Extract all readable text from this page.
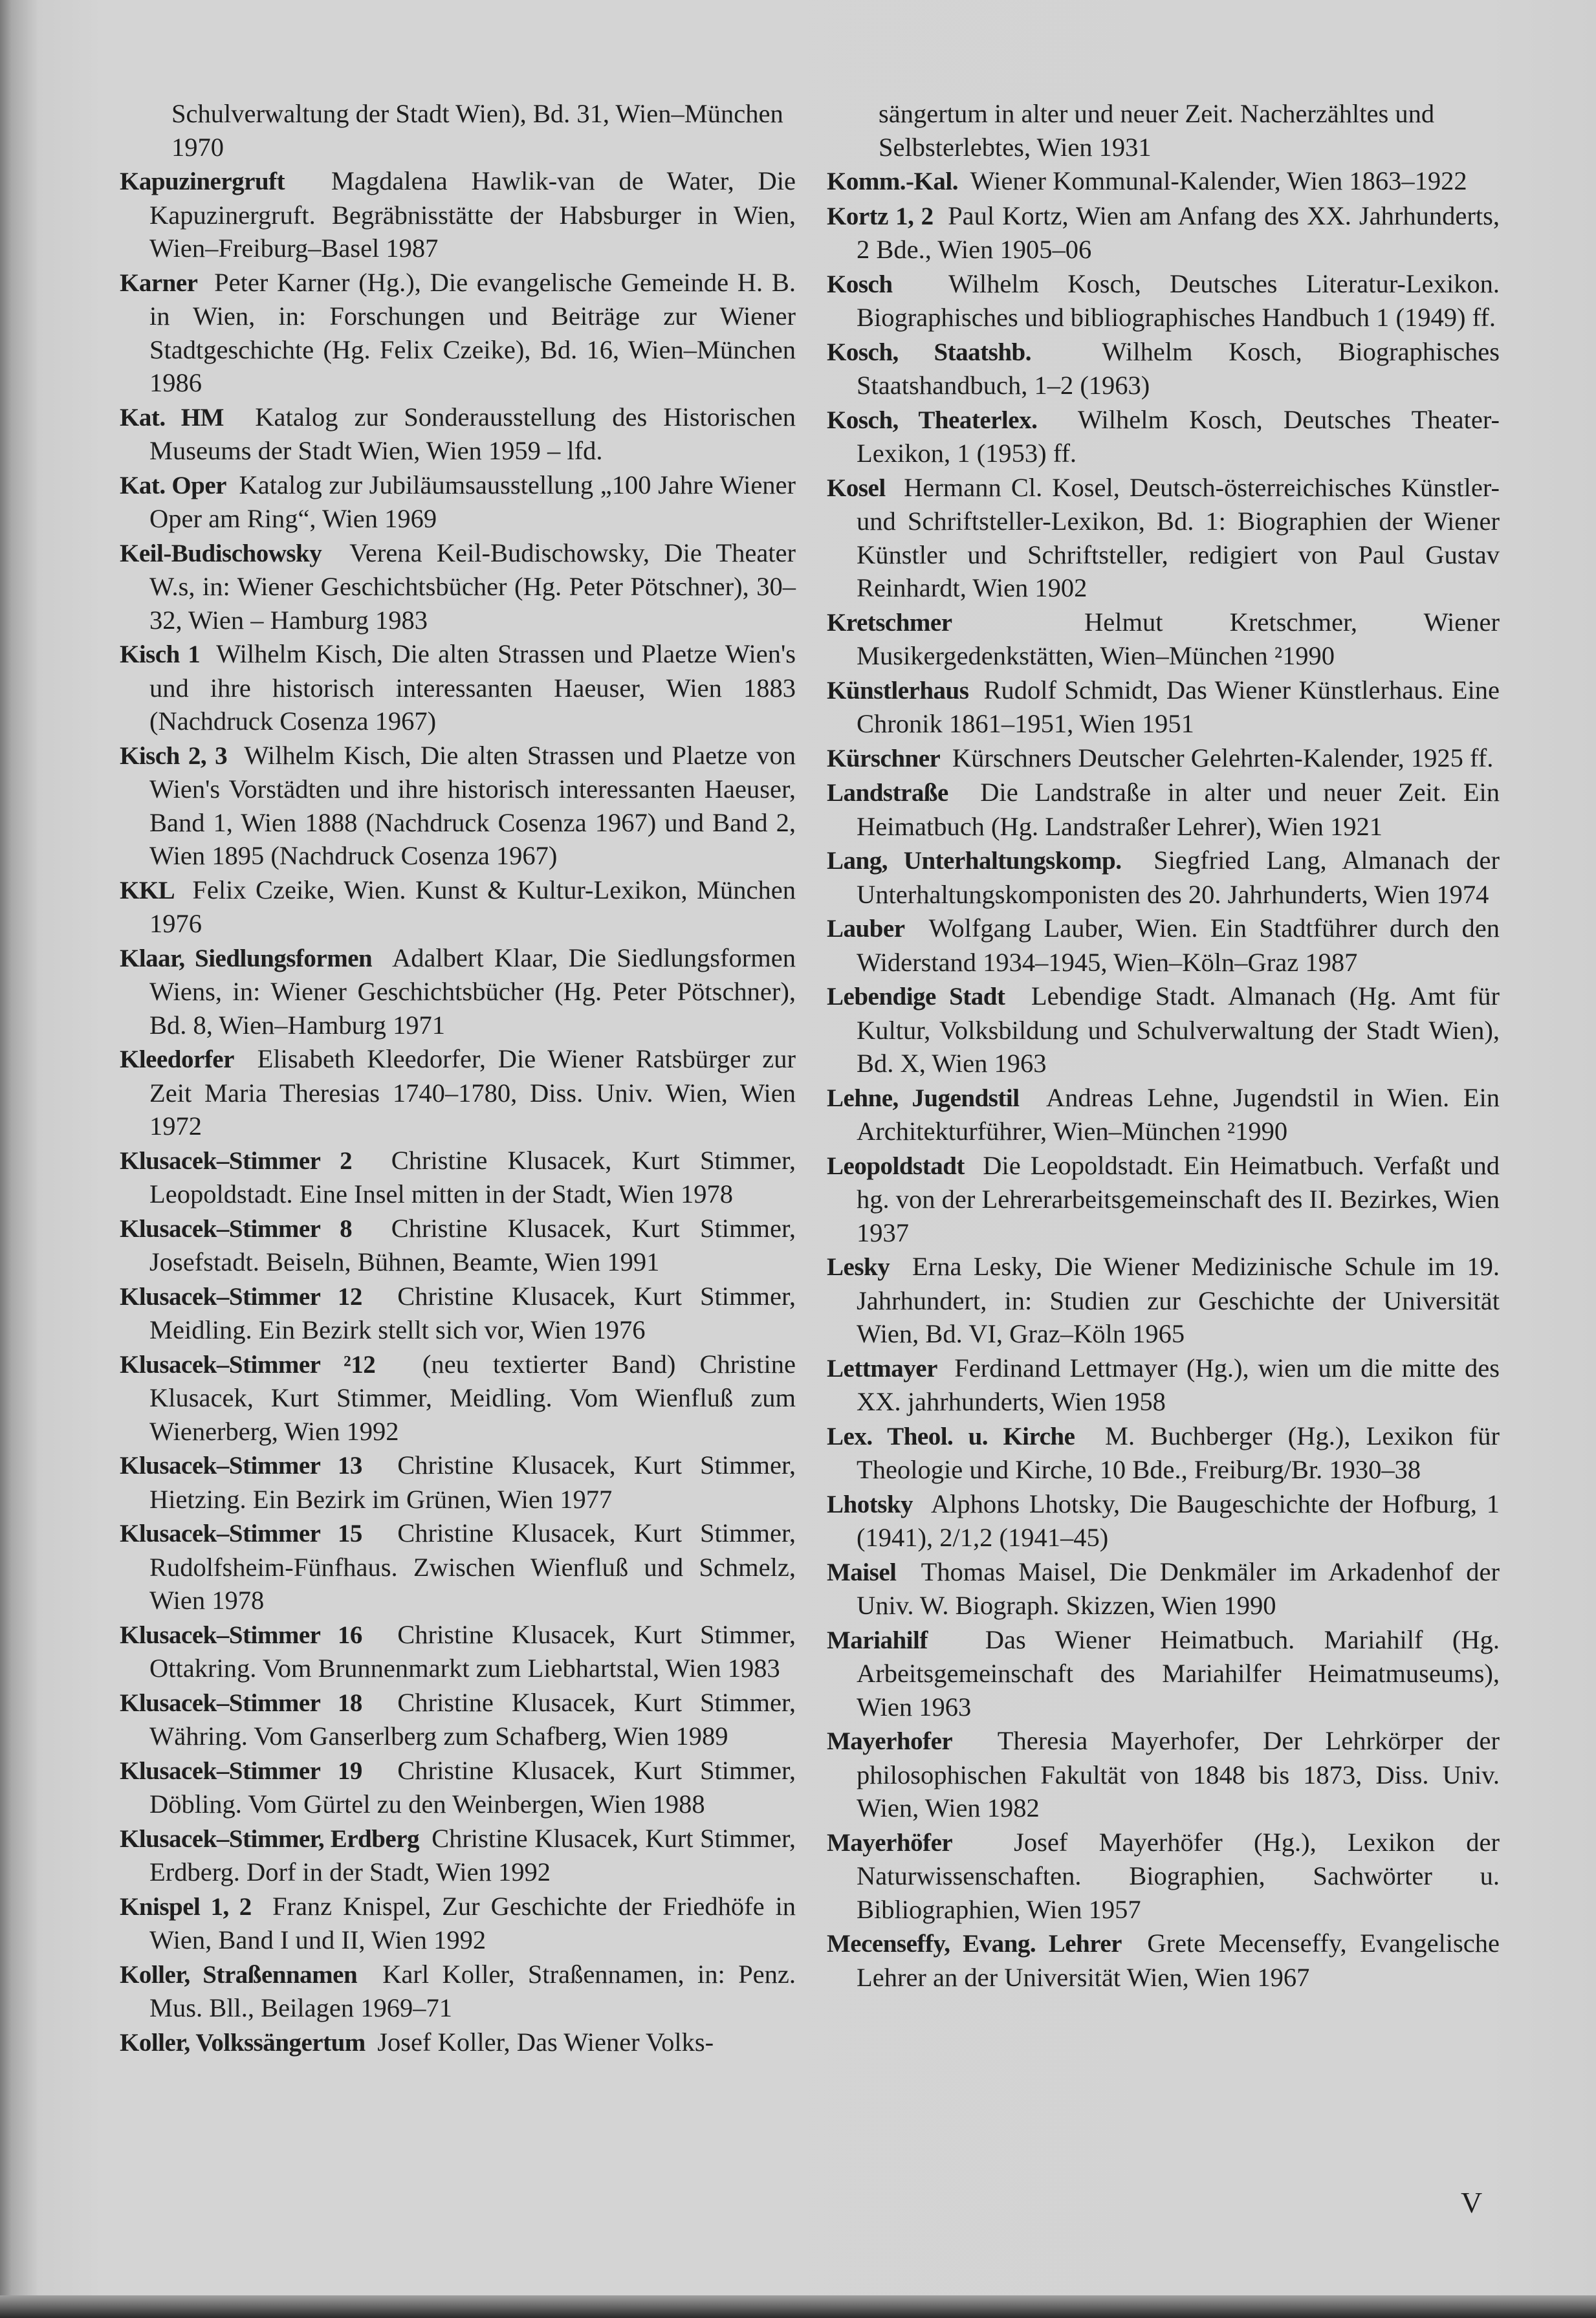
Schulverwaltung der Stadt Wien), Bd. 31, Wien–München 1970

Kapuzinergruft Magdalena Hawlik-van de Water, Die Kapuzinergruft. Begräbnisstätte der Habsburger in Wien, Wien–Freiburg–Basel 1987

Karner Peter Karner (Hg.), Die evangelische Gemeinde H. B. in Wien, in: Forschungen und Beiträge zur Wiener Stadtgeschichte (Hg. Felix Czeike), Bd. 16, Wien–München 1986

Kat. HM Katalog zur Sonderausstellung des Historischen Museums der Stadt Wien, Wien 1959 – lfd.

Kat. Oper Katalog zur Jubiläumsausstellung „100 Jahre Wiener Oper am Ring“, Wien 1969

Keil-Budischowsky Verena Keil-Budischowsky, Die Theater W.s, in: Wiener Geschichtsbücher (Hg. Peter Pötschner), 30–32, Wien – Hamburg 1983

Kisch 1 Wilhelm Kisch, Die alten Strassen und Plaetze Wien's und ihre historisch interessanten Haeuser, Wien 1883 (Nachdruck Cosenza 1967)

Kisch 2, 3 Wilhelm Kisch, Die alten Strassen und Plaetze von Wien's Vorstädten und ihre historisch interessanten Haeuser, Band 1, Wien 1888 (Nachdruck Cosenza 1967) und Band 2, Wien 1895 (Nachdruck Cosenza 1967)

KKL Felix Czeike, Wien. Kunst & Kultur-Lexikon, München 1976

Klaar, Siedlungsformen Adalbert Klaar, Die Siedlungsformen Wiens, in: Wiener Geschichtsbücher (Hg. Peter Pötschner), Bd. 8, Wien–Hamburg 1971

Kleedorfer Elisabeth Kleedorfer, Die Wiener Ratsbürger zur Zeit Maria Theresias 1740–1780, Diss. Univ. Wien, Wien 1972

Klusacek–Stimmer 2 Christine Klusacek, Kurt Stimmer, Leopoldstadt. Eine Insel mitten in der Stadt, Wien 1978

Klusacek–Stimmer 8 Christine Klusacek, Kurt Stimmer, Josefstadt. Beiseln, Bühnen, Beamte, Wien 1991

Klusacek–Stimmer 12 Christine Klusacek, Kurt Stimmer, Meidling. Ein Bezirk stellt sich vor, Wien 1976

Klusacek–Stimmer ²12 (neu textierter Band) Christine Klusacek, Kurt Stimmer, Meidling. Vom Wienfluß zum Wienerberg, Wien 1992

Klusacek–Stimmer 13 Christine Klusacek, Kurt Stimmer, Hietzing. Ein Bezirk im Grünen, Wien 1977

Klusacek–Stimmer 15 Christine Klusacek, Kurt Stimmer, Rudolfsheim-Fünfhaus. Zwischen Wienfluß und Schmelz, Wien 1978

Klusacek–Stimmer 16 Christine Klusacek, Kurt Stimmer, Ottakring. Vom Brunnenmarkt zum Liebhartstal, Wien 1983

Klusacek–Stimmer 18 Christine Klusacek, Kurt Stimmer, Währing. Vom Ganserlberg zum Schafberg, Wien 1989

Klusacek–Stimmer 19 Christine Klusacek, Kurt Stimmer, Döbling. Vom Gürtel zu den Weinbergen, Wien 1988

Klusacek–Stimmer, Erdberg Christine Klusacek, Kurt Stimmer, Erdberg. Dorf in der Stadt, Wien 1992

Knispel 1, 2 Franz Knispel, Zur Geschichte der Friedhöfe in Wien, Band I und II, Wien 1992

Koller, Straßennamen Karl Koller, Straßennamen, in: Penz. Mus. Bll., Beilagen 1969–71

Koller, Volkssängertum Josef Koller, Das Wiener Volks-

sängertum in alter und neuer Zeit. Nacherzähltes und Selbsterlebtes, Wien 1931

Komm.-Kal. Wiener Kommunal-Kalender, Wien 1863–1922

Kortz 1, 2 Paul Kortz, Wien am Anfang des XX. Jahrhunderts, 2 Bde., Wien 1905–06

Kosch Wilhelm Kosch, Deutsches Literatur-Lexikon. Biographisches und bibliographisches Handbuch 1 (1949) ff.

Kosch, Staatshb.	Wilhelm Kosch, Biographisches Staatshandbuch, 1–2 (1963)

Kosch, Theaterlex. Wilhelm Kosch, Deutsches Theater-Lexikon, 1 (1953) ff.

Kosel Hermann Cl. Kosel, Deutsch-österreichisches Künstler- und Schriftsteller-Lexikon, Bd. 1: Biographien der Wiener Künstler und Schriftsteller, redigiert von Paul Gustav Reinhardt, Wien 1902

Kretschmer	Helmut Kretschmer, Wiener Musikergedenkstätten, Wien–München ²1990

Künstlerhaus Rudolf Schmidt, Das Wiener Künstlerhaus. Eine Chronik 1861–1951, Wien 1951

Kürschner Kürschners Deutscher Gelehrten-Kalender, 1925 ff.

Landstraße Die Landstraße in alter und neuer Zeit. Ein Heimatbuch (Hg. Landstraßer Lehrer), Wien 1921

Lang, Unterhaltungskomp. Siegfried Lang, Almanach der Unterhaltungskomponisten des 20. Jahrhunderts, Wien 1974

Lauber Wolfgang Lauber, Wien. Ein Stadtführer durch den Widerstand 1934–1945, Wien–Köln–Graz 1987

Lebendige Stadt Lebendige Stadt. Almanach (Hg. Amt für Kultur, Volksbildung und Schulverwaltung der Stadt Wien), Bd. X, Wien 1963

Lehne, Jugendstil Andreas Lehne, Jugendstil in Wien. Ein Architekturführer, Wien–München ²1990

Leopoldstadt Die Leopoldstadt. Ein Heimatbuch. Verfaßt und hg. von der Lehrerarbeitsgemeinschaft des II. Bezirkes, Wien 1937

Lesky Erna Lesky, Die Wiener Medizinische Schule im 19. Jahrhundert, in: Studien zur Geschichte der Universität Wien, Bd. VI, Graz–Köln 1965

Lettmayer Ferdinand Lettmayer (Hg.), wien um die mitte des XX. jahrhunderts, Wien 1958

Lex. Theol. u. Kirche M. Buchberger (Hg.), Lexikon für Theologie und Kirche, 10 Bde., Freiburg/Br. 1930–38

Lhotsky Alphons Lhotsky, Die Baugeschichte der Hofburg, 1 (1941), 2/1,2 (1941–45)

Maisel Thomas Maisel, Die Denkmäler im Arkadenhof der Univ. W. Biograph. Skizzen, Wien 1990

Mariahilf Das Wiener Heimatbuch. Mariahilf (Hg. Arbeitsgemeinschaft des Mariahilfer Heimatmuseums), Wien 1963

Mayerhofer Theresia Mayerhofer, Der Lehrkörper der philosophischen Fakultät von 1848 bis 1873, Diss. Univ. Wien, Wien 1982

Mayerhöfer Josef Mayerhöfer (Hg.), Lexikon der Naturwissenschaften. Biographien, Sachwörter u. Bibliographien, Wien 1957

Mecenseffy, Evang. Lehrer Grete Mecenseffy, Evangelische Lehrer an der Universität Wien, Wien 1967

V
